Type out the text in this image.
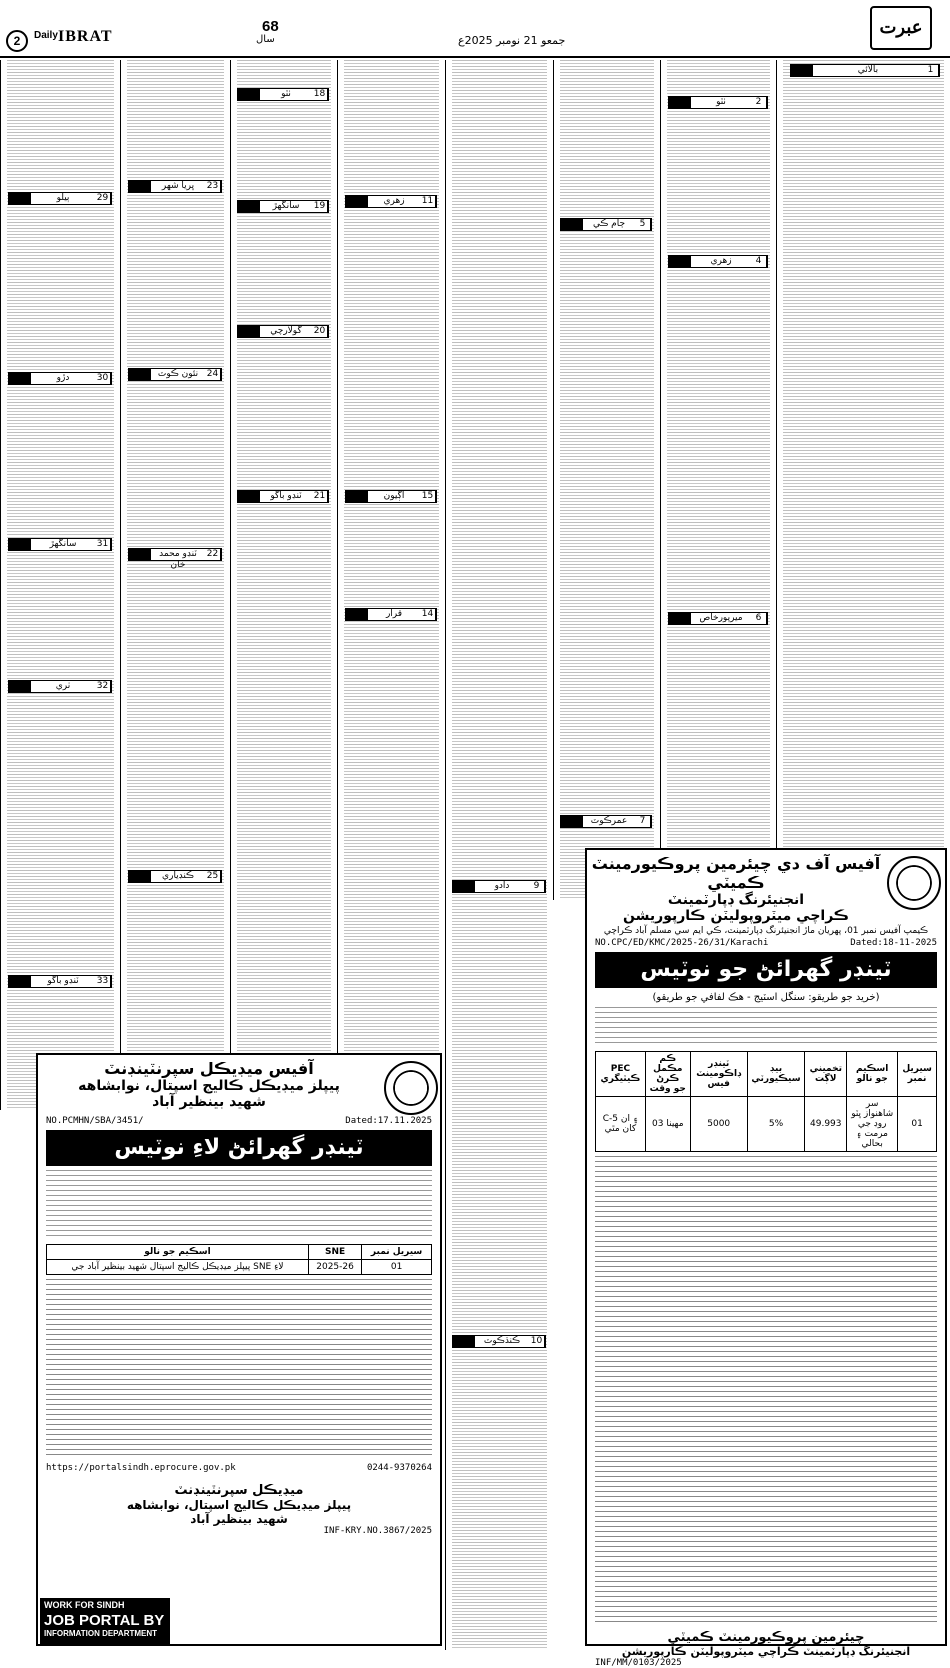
2	Daily IBRAT
68
سال	جمعو 21 نومبر 2025ع
عبرت
بالائي	1
ٺٽو	2
زهري	4
ڄام ڪي	5
ميرپورخاص	6
عمرڪوٽ	7
دادو	9
ڪنڌڪوٽ	10
زهري	11
اڳيون	15
قرار	14
ٺٽو	18
سانگهڙ	19
گولارچي	20
ٽنڊو باگو	21
ڀريا شهر	23
نئون ڪوٽ 24
ٽنڊو محمد خان
22
ڪنڊياري	25
ٻيلو	29
دڙو	30
سانگهڙ	31
ٺري	32
ٽنڊو باگو	33
آفيس آف دي چيئرمين پروڪيورمينٽ ڪميٽي
انجنيئرنگ ڊپارٽمينٽ
ڪراچي ميٽروپوليٽن ڪارپوريشن
ڪيمپ آفيس نمبر 01، پهريان ماڙ انجنيئرنگ ڊپارٽمينٽ، ڪي ايم سي مسلم آباد ڪراچي
NO.CPC/ED/KMC/2025-26/31/Karachi	Dated:18-11-2025
ٽينڊر گهرائڻ جو نوٽيس
(خريد جو طريقو: سنگل اسٽيج - هڪ لفافي جو طريقو)
PEC ڪيٽيگري	ڪم مڪمل ڪرڻ جو وقت	ٽينڊر ڊاڪومينٽ فيس	بيڊ سيڪيورٽي	تخميني لاڳت	اسڪيم جو نالو	سيريل نمبر
C-5 ۽ ان کان مٿي	03 مهينا	5000	5%	49.993	سر شاهنواز ڀٽو روڊ جي مرمت ۽ بحالي	01
چيئرمين پروڪيورمينٽ ڪميٽي
انجنيئرنگ ڊپارٽمينٽ ڪراچي ميٽروپوليٽن ڪارپوريشن
INF/MM/0103/2025
آفيس ميڊيڪل سپرنٽينڊنٽ
پيپلز ميڊيڪل ڪاليج اسپتال، نوابشاهه
شهيد بينظير آباد
NO.PCMHN/SBA/3451/	Dated:17.11.2025
ٽينڊر گهرائڻ لاءِ نوٽيس
اسڪيم جو نالو	SNE	سيريل نمبر
پيپلز ميڊيڪل ڪاليج اسپتال شهيد بينظير آباد جي SNE لاءِ	2025-26	01
https://portalsindh.eprocure.gov.pk	0244-9370264
ميڊيڪل سپرنٽينڊنٽ
پيپلز ميڊيڪل ڪاليج اسپتال، نوابشاهه
شهيد بينظير آباد
INF-KRY.NO.3867/2025
WORK FOR SINDH
JOB PORTAL BY
INFORMATION DEPARTMENT
